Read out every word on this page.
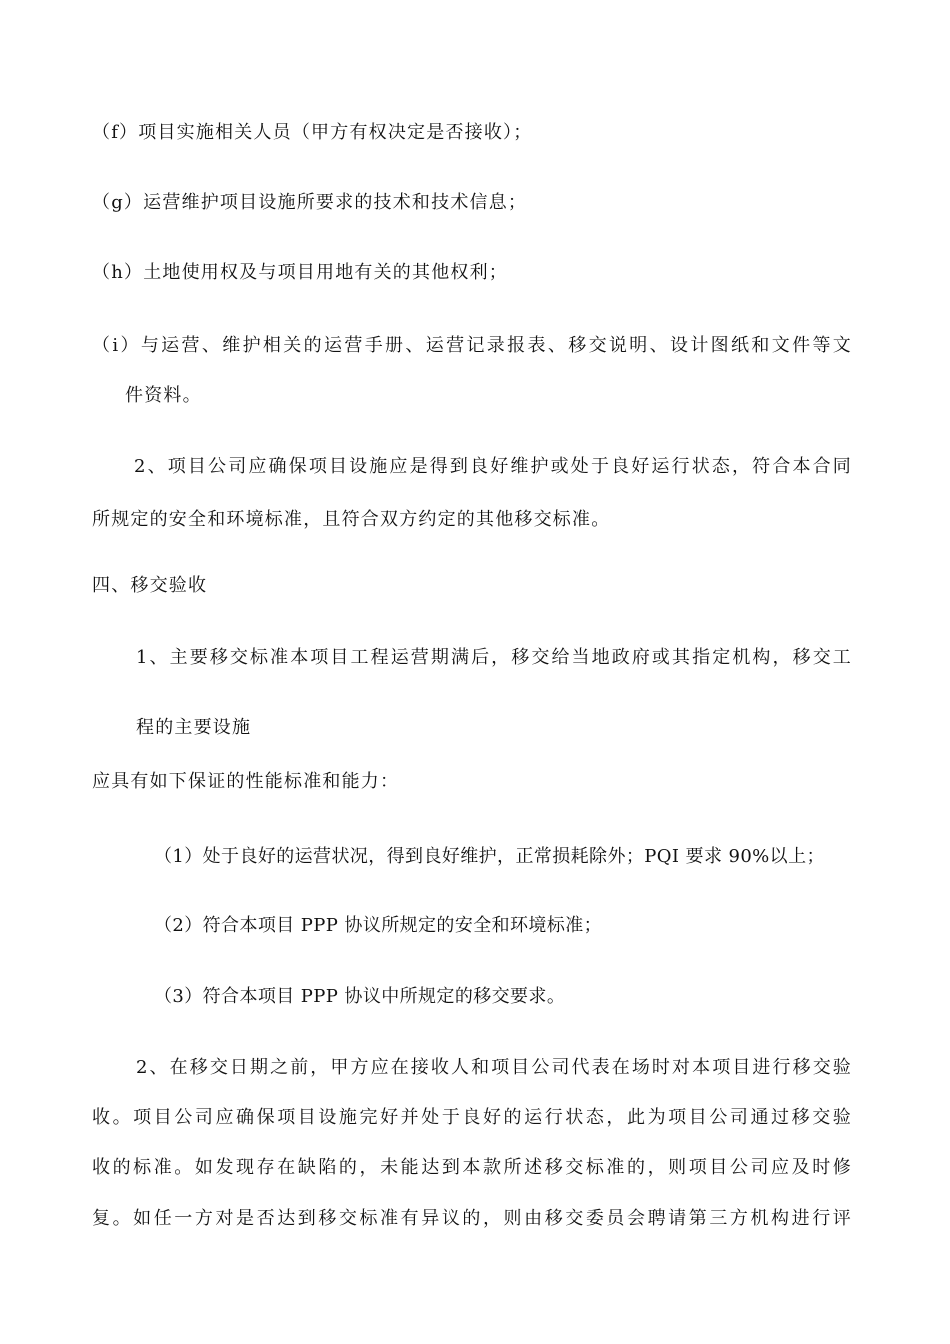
（f）项目实施相关人员（甲方有权决定是否接收）；
（g）运营维护项目设施所要求的技术和技术信息；
（h）土地使用权及与项目用地有关的其他权利；
（i）与运营、维护相关的运营手册、运营记录报表、移交说明、设计图纸和文件等文
件资料。
2、项目公司应确保项目设施应是得到良好维护或处于良好运行状态，符合本合同
所规定的安全和环境标准，且符合双方约定的其他移交标准。
四、移交验收
1、主要移交标准本项目工程运营期满后，移交给当地政府或其指定机构，移交工
程的主要设施
应具有如下保证的性能标准和能力：
（1）处于良好的运营状况，得到良好维护，正常损耗除外；PQI 要求 90%以上；
（2）符合本项目 PPP 协议所规定的安全和环境标准；
（3）符合本项目 PPP 协议中所规定的移交要求。
2、在移交日期之前，甲方应在接收人和项目公司代表在场时对本项目进行移交验
收。项目公司应确保项目设施完好并处于良好的运行状态，此为项目公司通过移交验
收的标准。如发现存在缺陷的，未能达到本款所述移交标准的，则项目公司应及时修
复。如任一方对是否达到移交标准有异议的，则由移交委员会聘请第三方机构进行评
